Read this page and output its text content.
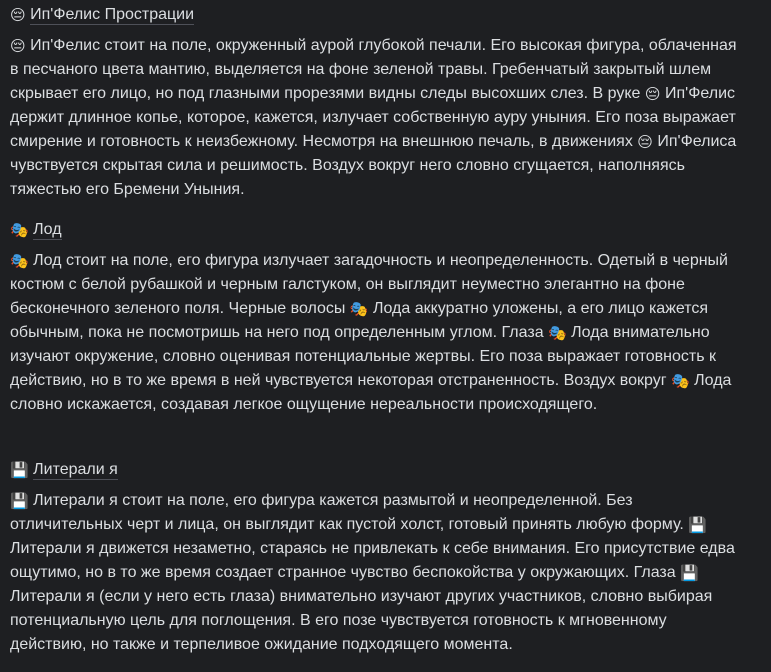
😔 Ип'Фелис Прострации

😔 Ип'Фелис стоит на поле, окруженный аурой глубокой печали. Его высокая фигура, облаченная в песчаного цвета мантию, выделяется на фоне зеленой травы. Гребенчатый закрытый шлем скрывает его лицо, но под глазными прорезями видны следы высохших слез. В руке 😔 Ип'Фелис держит длинное копье, которое, кажется, излучает собственную ауру уныния. Его поза выражает смирение и готовность к неизбежному. Несмотря на внешнюю печаль, в движениях 😔 Ип'Фелиса чувствуется скрытая сила и решимость. Воздух вокруг него словно сгущается, наполняясь тяжестью его Бремени Уныния.

🎭 Лод

🎭 Лод стоит на поле, его фигура излучает загадочность и неопределенность. Одетый в черный костюм с белой рубашкой и черным галстуком, он выглядит неуместно элегантно на фоне бесконечного зеленого поля. Черные волосы 🎭 Лода аккуратно уложены, а его лицо кажется обычным, пока не посмотришь на него под определенным углом. Глаза 🎭 Лода внимательно изучают окружение, словно оценивая потенциальные жертвы. Его поза выражает готовность к действию, но в то же время в ней чувствуется некоторая отстраненность. Воздух вокруг 🎭 Лода словно искажается, создавая легкое ощущение нереальности происходящего.

💾 Литерали я

💾 Литерали я стоит на поле, его фигура кажется размытой и неопределенной. Без отличительных черт и лица, он выглядит как пустой холст, готовый принять любую форму. 💾 Литерали я движется незаметно, стараясь не привлекать к себе внимания. Его присутствие едва ощутимо, но в то же время создает странное чувство беспокойства у окружающих. Глаза 💾 Литерали я (если у него есть глаза) внимательно изучают других участников, словно выбирая потенциальную цель для поглощения. В его позе чувствуется готовность к мгновенному действию, но также и терпеливое ожидание подходящего момента.
